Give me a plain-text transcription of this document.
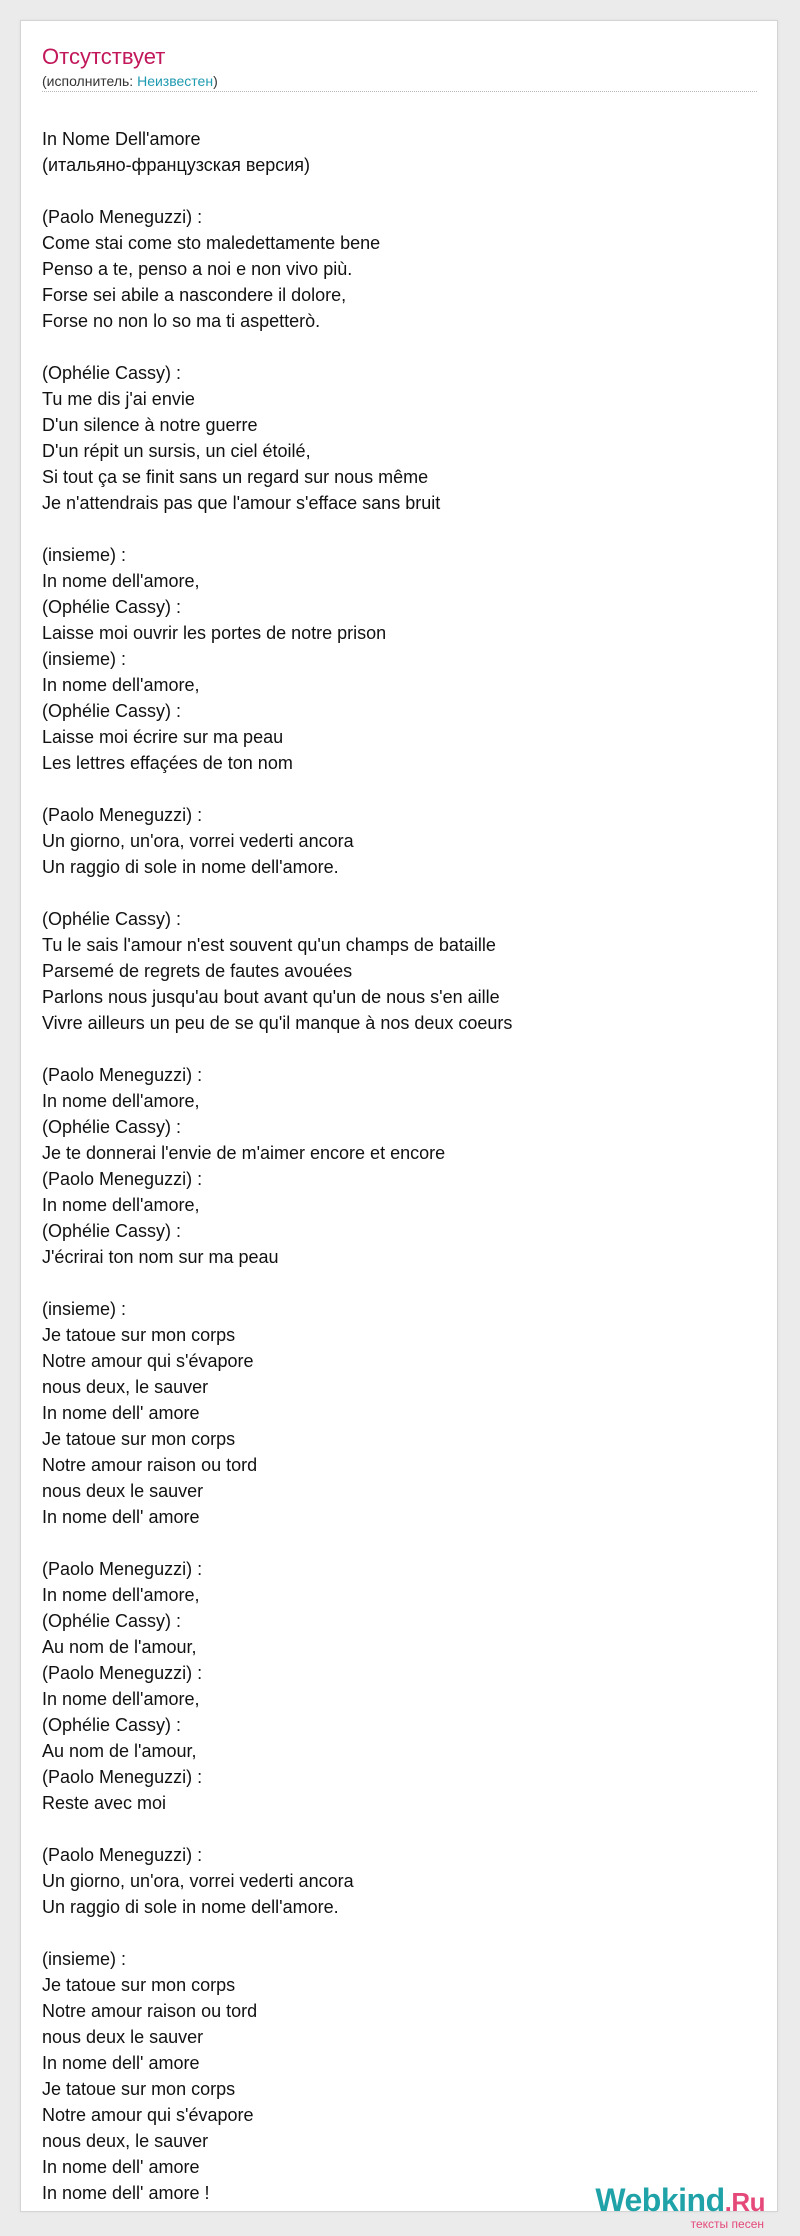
Отсутствует
(исполнитель: Неизвестен)
In Nome Dell'amore
(итальяно-французская версия)
(Paolo Meneguzzi) :
Come stai come sto maledettamente bene
Penso a te, penso a noi e non vivo più.
Forse sei abile a nascondere il dolore,
Forse no non lo so ma ti aspetterò.
(Ophélie Cassy) :
Tu me dis j'ai envie
D'un silence à notre guerre
D'un répit un sursis, un ciel étoilé,
Si tout ça se finit sans un regard sur nous même
Je n'attendrais pas que l'amour s'efface sans bruit
(insieme) :
In nome dell'amore,
(Ophélie Cassy) :
Laisse moi ouvrir les portes de notre prison
(insieme) :
In nome dell'amore,
(Ophélie Cassy) :
Laisse moi écrire sur ma peau
Les lettres effaçées de ton nom
(Paolo Meneguzzi) :
Un giorno, un'ora, vorrei vederti ancora
Un raggio di sole in nome dell'amore.
(Ophélie Cassy) :
Tu le sais l'amour n'est souvent qu'un champs de bataille
Parsemé de regrets de fautes avouées
Parlons nous jusqu'au bout avant qu'un de nous s'en aille
Vivre ailleurs un peu de se qu'il manque à nos deux coeurs
(Paolo Meneguzzi) :
In nome dell'amore,
(Ophélie Cassy) :
Je te donnerai l'envie de m'aimer encore et encore
(Paolo Meneguzzi) :
In nome dell'amore,
(Ophélie Cassy) :
J'écrirai ton nom sur ma peau
(insieme) :
Je tatoue sur mon corps
Notre amour qui s'évapore
nous deux, le sauver
In nome dell' amore
Je tatoue sur mon corps
Notre amour raison ou tord
nous deux le sauver
In nome dell' amore
(Paolo Meneguzzi) :
In nome dell'amore,
(Ophélie Cassy) :
Au nom de l'amour,
(Paolo Meneguzzi) :
In nome dell'amore,
(Ophélie Cassy) :
Au nom de l'amour,
(Paolo Meneguzzi) :
Reste avec moi
(Paolo Meneguzzi) :
Un giorno, un'ora, vorrei vederti ancora
Un raggio di sole in nome dell'amore.
(insieme) :
Je tatoue sur mon corps
Notre amour raison ou tord
nous deux le sauver
In nome dell' amore
Je tatoue sur mon corps
Notre amour qui s'évapore
nous deux, le sauver
In nome dell' amore
In nome dell' amore !	Webkind.Ru
тексты песен
